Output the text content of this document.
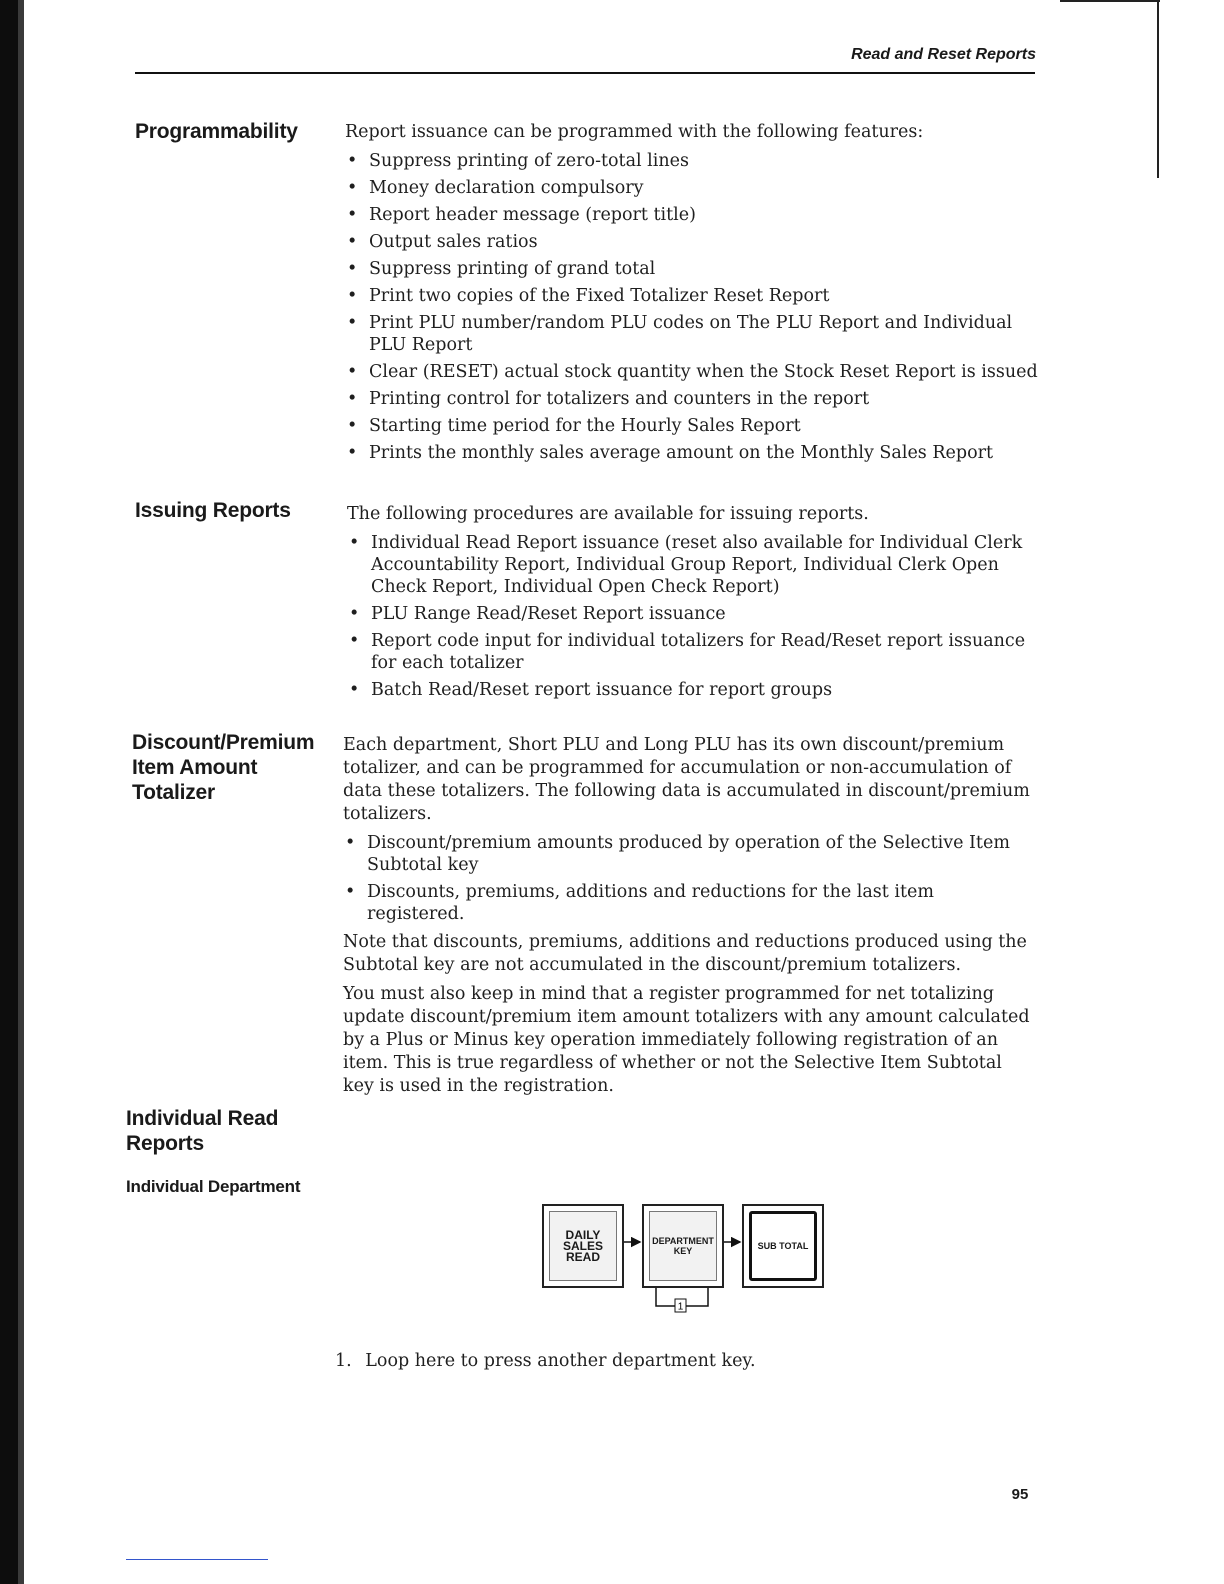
Read and Reset Reports
Programmability	Report issuance can be programmed with the following features:

• Suppress printing of zero-total lines
• Money declaration compulsory
• Report header message (report title)
• Output sales ratios
• Suppress printing of grand total
• Print two copies of the Fixed Totalizer Reset Report
• Print PLU number/random PLU codes on The PLU Report and Individual PLU Report
• Clear (RESET) actual stock quantity when the Stock Reset Report is issued
• Printing control for totalizers and counters in the report
• Starting time period for the Hourly Sales Report
• Prints the monthly sales average amount on the Monthly Sales Report
Issuing Reports	The following procedures are available for issuing reports.

• Individual Read Report issuance (reset also available for Individual Clerk Accountability Report, Individual Group Report, Individual Clerk Open Check Report, Individual Open Check Report)
• PLU Range Read/Reset Report issuance
• Report code input for individual totalizers for Read/Reset report issuance for each totalizer
• Batch Read/Reset report issuance for report groups
Discount/Premium
Item Amount
Totalizer

Each department, Short PLU and Long PLU has its own discount/premium totalizer, and can be programmed for accumulation or non-accumulation of data these totalizers. The following data is accumulated in discount/premium totalizers.

• Discount/premium amounts produced by operation of the Selective Item Subtotal key
• Discounts, premiums, additions and reductions for the last item registered.

Note that discounts, premiums, additions and reductions produced using the Subtotal key are not accumulated in the discount/premium totalizers.

You must also keep in mind that a register programmed for net totalizing update discount/premium item amount totalizers with any amount calculated by a Plus or Minus key operation immediately following registration of an item. This is true regardless of whether or not the Selective Item Subtotal key is used in the registration.

Individual Read
Reports
Individual Department
1
DAILY
SALES
READ
DEPARTMENT
KEY	SUB TOTAL
1. Loop here to press another department key.
95
